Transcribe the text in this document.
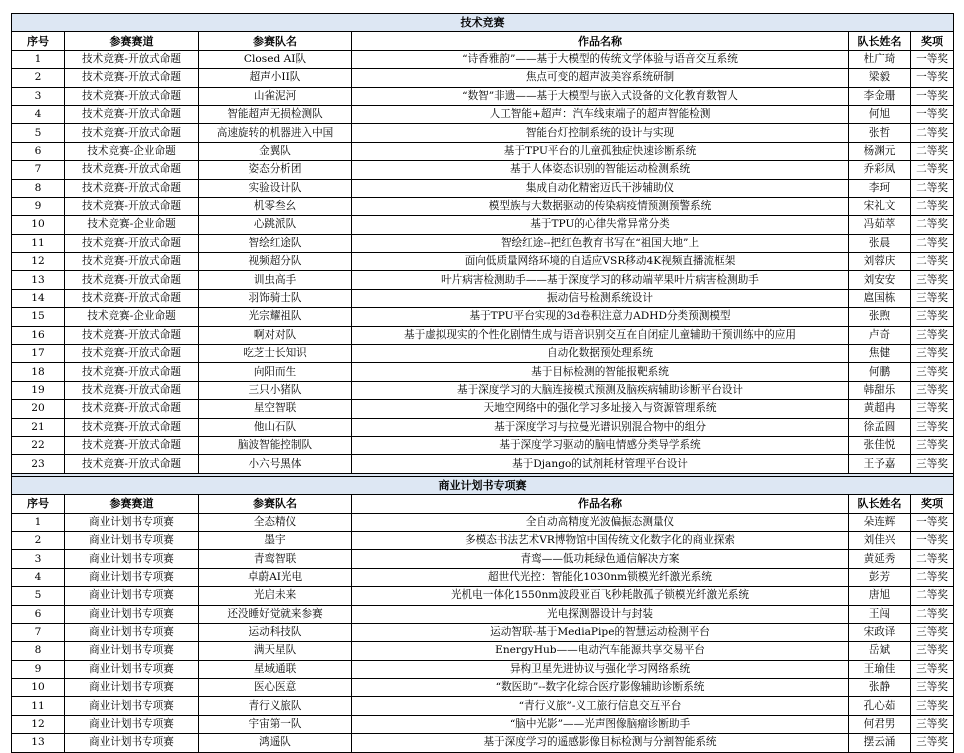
技术竞赛					
序号	参赛赛道	参赛队名	作品名称	队长姓名	奖项
1	技术竞赛-开放式命题	Closed AI队	“诗香雅韵”——基于大模型的传统文学体验与语音交互系统	杜广琦	一等奖
2	技术竞赛-开放式命题	超声小II队	焦点可变的超声波美容系统研制	梁毅	一等奖
3	技术竞赛-开放式命题	山雀泥河	“数智”非遗——基于大模型与嵌入式设备的文化教育数智人	李金珊	一等奖
4	技术竞赛-开放式命题	智能超声无损检测队	人工智能+超声：汽车线束端子的超声智能检测	何旭	一等奖
5	技术竞赛-开放式命题	高速旋转的机器进入中国	智能台灯控制系统的设计与实现	张哲	二等奖
6	技术竞赛-企业命题	金翼队	基于TPU平台的儿童孤独症快速诊断系统	杨渊元	二等奖
7	技术竞赛-开放式命题	姿态分析团	基于人体姿态识别的智能运动检测系统	乔彩凤	二等奖
8	技术竞赛-开放式命题	实验设计队	集成自动化精密迈氏干涉辅助仪	李珂	二等奖
9	技术竞赛-开放式命题	机零叁幺	模型族与大数据驱动的传染病疫情预测预警系统	宋礼文	二等奖
10	技术竞赛-企业命题	心跳派队	基于TPU的心律失常异常分类	冯茹萃	二等奖
11	技术竞赛-开放式命题	智绘红途队	智绘红途--把红色教育书写在“祖国大地”上	张晨	二等奖
12	技术竞赛-开放式命题	视频超分队	面向低质量网络环境的自适应VSR移动4K视频直播流框架	刘蓉庆	二等奖
13	技术竞赛-开放式命题	训虫高手	叶片病害检测助手——基于深度学习的移动端苹果叶片病害检测助手	刘安安	三等奖
14	技术竞赛-开放式命题	羽饰骑士队	振动信号检测系统设计	扈国栋	三等奖
15	技术竞赛-企业命题	光宗耀祖队	基于TPU平台实现的3d卷积注意力ADHD分类预测模型	张煦	三等奖
16	技术竞赛-开放式命题	啊对对队	基于虚拟现实的个性化剧情生成与语音识别交互在自闭症儿童辅助干预训练中的应用	卢奇	三等奖
17	技术竞赛-开放式命题	吃芝士长知识	自动化数据预处理系统	焦健	三等奖
18	技术竞赛-开放式命题	向阳而生	基于目标检测的智能报靶系统	何鹏	三等奖
19	技术竞赛-开放式命题	三只小猪队	基于深度学习的大脑连接模式预测及脑疾病辅助诊断平台设计	韩甜乐	三等奖
20	技术竞赛-开放式命题	星空智联	天地空网络中的强化学习多址接入与资源管理系统	黄超冉	三等奖
21	技术竞赛-开放式命题	他山石队	基于深度学习与拉曼光谱识别混合物中的组分	徐孟圆	三等奖
22	技术竞赛-开放式命题	脑波智能控制队	基于深度学习驱动的脑电情感分类导学系统	张佳悦	三等奖
23	技术竞赛-开放式命题	小六号黑体	基于Django的试剂耗材管理平台设计	王予嘉	三等奖

商业计划书专项赛					
序号	参赛赛道	参赛队名	作品名称	队长姓名	奖项
1	商业计划书专项赛	全态精仪	全自动高精度光波偏振态测量仪	朵连辉	一等奖
2	商业计划书专项赛	墨宇	多模态书法艺术VR博物馆中国传统文化数字化的商业探索	刘佳兴	一等奖
3	商业计划书专项赛	青鸾智联	青鸾——低功耗绿色通信解决方案	黄延秀	二等奖
4	商业计划书专项赛	卓蔚AI光电	超世代光控：智能化1030nm锁模光纤激光系统	彭芳	二等奖
5	商业计划书专项赛	光启未来	光机电一体化1550nm波段亚百飞秒耗散孤子锁模光纤激光系统	唐旭	二等奖
6	商业计划书专项赛	还没睡好觉就来参赛	光电探测器设计与封装	王闯	二等奖
7	商业计划书专项赛	运动科技队	运动智联-基于MediaPipe的智慧运动检测平台	宋政译	三等奖
8	商业计划书专项赛	满天星队	EnergyHub——电动汽车能源共享交易平台	岳斌	三等奖
9	商业计划书专项赛	星域通联	异构卫星先进协议与强化学习网络系统	王瑜佳	三等奖
10	商业计划书专项赛	医心医意	“数医助”--数字化综合医疗影像辅助诊断系统	张静	三等奖
11	商业计划书专项赛	青行义旅队	“青行义旅”-义工旅行信息交互平台	孔心茹	三等奖
12	商业计划书专项赛	宇宙第一队	“脑中光影”——光声图像脑瘤诊断助手	何君男	三等奖
13	商业计划书专项赛	鸿遥队	基于深度学习的遥感影像目标检测与分割智能系统	摆云涌	三等奖
